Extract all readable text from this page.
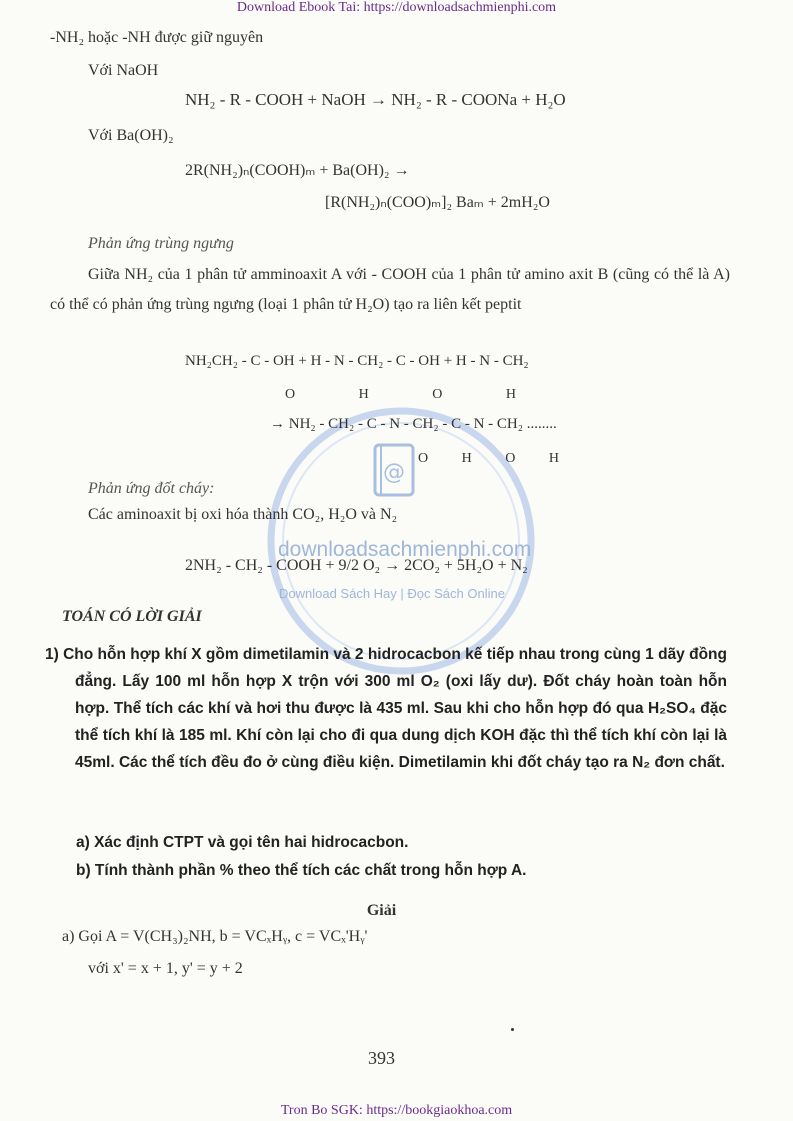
Download Ebook Tai: https://downloadsachmienphi.com
@
downloadsachmienphi.com
Download Sách Hay | Đọc Sách Online
-NH₂ hoặc -NH được giữ nguyên
Với NaOH
NH₂ - R - COOH + NaOH → NH₂ - R - COONa + H₂O
Với Ba(OH)₂
2R(NH₂)ₙ(COOH)ₘ + Ba(OH)₂ →
[R(NH₂)ₙ(COO)ₘ]₂ Baₘ + 2mH₂O
Phản ứng trùng ngưng
Giữa NH₂ của 1 phân tử amminoaxit A với - COOH của 1 phân tử amino axit B (cũng có thể là A) có thể có phản ứng trùng ngưng (loại 1 phân tử H₂O) tạo ra liên kết peptit
NH₂CH₂ - C - OH + H - N - CH₂ - C - OH + H - N - CH₂
O H O H
→ NH₂ - CH₂ - C - N - CH₂ - C - N - CH₂ ........
O H O H
Phản ứng đốt cháy:
Các aminoaxit bị oxi hóa thành CO₂, H₂O và N₂
2NH₂ - CH₂ - COOH + 9/2 O₂ → 2CO₂ + 5H₂O + N₂
TOÁN CÓ LỜI GIẢI
1) Cho hỗn hợp khí X gồm dimetilamin và 2 hidrocacbon kế tiếp nhau trong cùng 1 dãy đồng đẳng. Lấy 100 ml hỗn hợp X trộn với 300 ml O₂ (oxi lấy dư). Đốt cháy hoàn toàn hỗn hợp. Thể tích các khí và hơi thu được là 435 ml. Sau khi cho hỗn hợp đó qua H₂SO₄ đặc thể tích khí là 185 ml. Khí còn lại cho đi qua dung dịch KOH đặc thì thể tích khí còn lại là 45ml. Các thể tích đều đo ở cùng điều kiện. Dimetilamin khi đốt cháy tạo ra N₂ đơn chất.
a) Xác định CTPT và gọi tên hai hidrocacbon.
b) Tính thành phần % theo thể tích các chất trong hỗn hợp A.
Giải
a) Gọi A = V(CH₃)₂NH, b = VCₓHᵧ, c = VCₓ'Hᵧ'
với x' = x + 1, y' = y + 2
393
Tron Bo SGK: https://bookgiaokhoa.com
